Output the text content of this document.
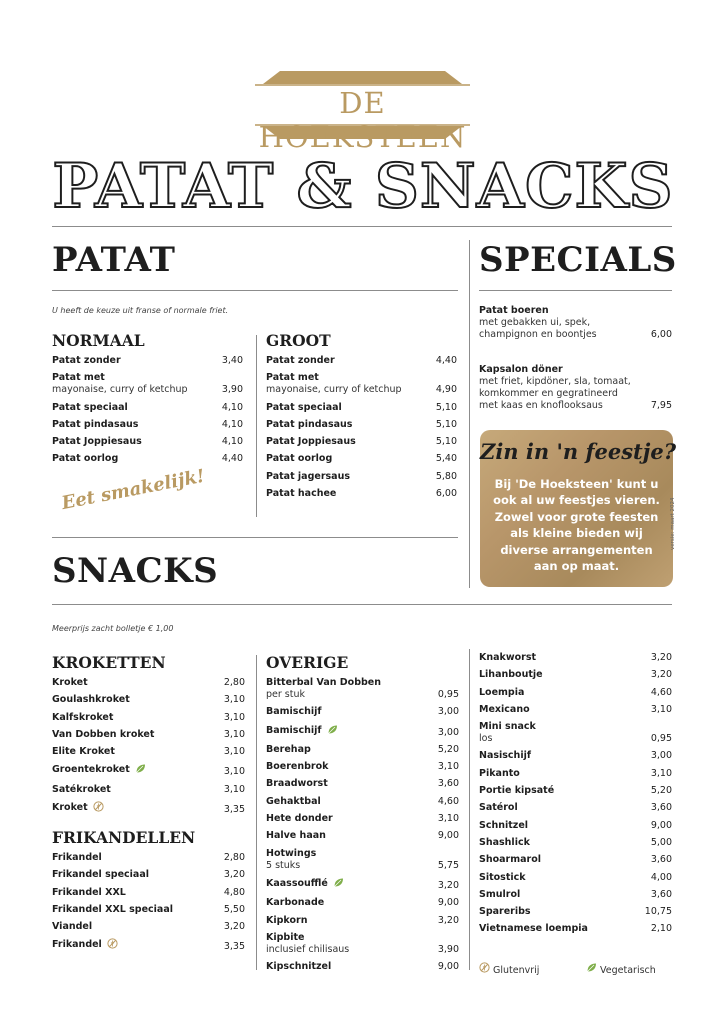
DE HOEKSTEEN
PATAT & SNACKS
PATAT
U heeft de keuze uit franse of normale friet.
NORMAAL
Patat zonder	3,40
Patat met
mayonaise, curry of ketchup	3,90
Patat speciaal	4,10
Patat pindasaus	4,10
Patat Joppiesaus	4,10
Patat oorlog	4,40
GROOT
Patat zonder	4,40
Patat met
mayonaise, curry of ketchup	4,90
Patat speciaal	5,10
Patat pindasaus	5,10
Patat Joppiesaus	5,10
Patat oorlog	5,40
Patat jagersaus	5,80
Patat hachee	6,00
Eet smakelijk!
SPECIALS
Patat boeren
met gebakken ui, spek,
champignon en boontjes	6,00
Kapsalon döner
met friet, kipdöner, sla, tomaat,
komkommer en gegratineerd
met kaas en knoflooksaus	7,95
Zin in 'n feestje?
Bij 'De Hoeksteen' kunt u ook al uw feestjes vieren. Zowel voor grote feesten als kleine bieden wij diverse arrangementen aan op maat.
versie: maart 2024
SNACKS
Meerprijs zacht bolletje € 1,00
KROKETTEN
Kroket	2,80
Goulashkroket	3,10
Kalfskroket	3,10
Van Dobben kroket	3,10
Elite Kroket	3,10
Groentekroket	3,10
Satékroket	3,10
Kroket	3,35
FRIKANDELLEN
Frikandel	2,80
Frikandel speciaal	3,20
Frikandel XXL	4,80
Frikandel XXL speciaal	5,50
Viandel	3,20
Frikandel	3,35
OVERIGE
Bitterbal Van Dobben
per stuk	0,95
Bamischijf	3,00
Bamischijf	3,00
Berehap	5,20
Boerenbrok	3,10
Braadworst	3,60
Gehaktbal	4,60
Hete donder	3,10
Halve haan	9,00
Hotwings
5 stuks	5,75
Kaassoufflé	3,20
Karbonade	9,00
Kipkorn	3,20
Kipbite
inclusief chilisaus	3,90
Kipschnitzel	9,00
Knakworst	3,20
Lihanboutje	3,20
Loempia	4,60
Mexicano	3,10
Mini snack
los	0,95
Nasischijf	3,00
Pikanto	3,10
Portie kipsaté	5,20
Satérol	3,60
Schnitzel	9,00
Shashlick	5,00
Shoarmarol	3,60
Sitostick	4,00
Smulrol	3,60
Spareribs	10,75
Vietnamese loempia	2,10
Glutenvrij	Vegetarisch
